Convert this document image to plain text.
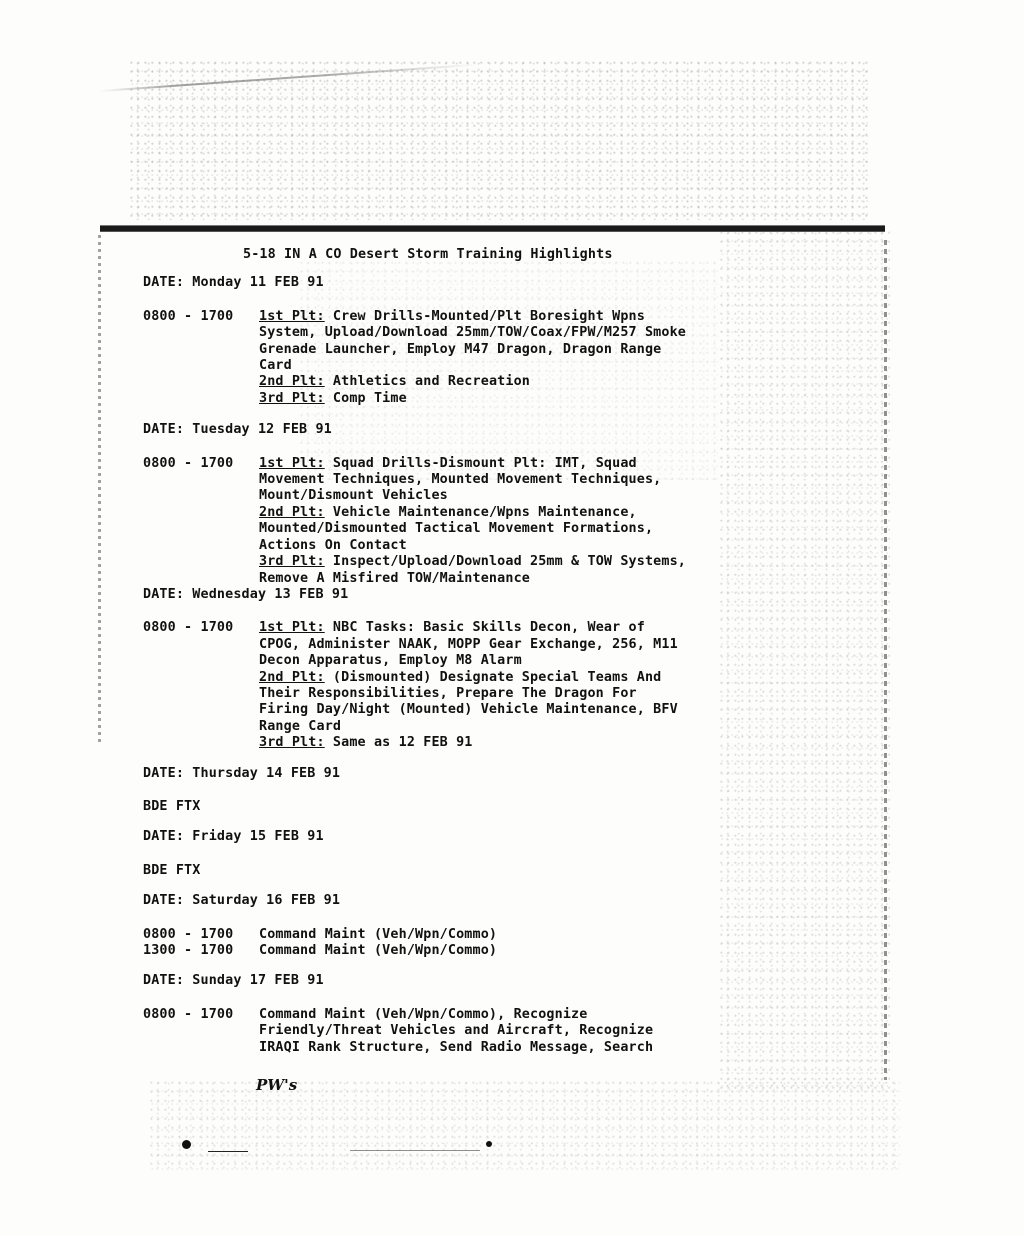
5-18 IN A CO Desert Storm Training Highlights
DATE: Monday 11 FEB 91
0800 - 1700	1st Plt: Crew Drills-Mounted/Plt Boresight Wpns
System, Upload/Download 25mm/TOW/Coax/FPW/M257 Smoke
Grenade Launcher, Employ M47 Dragon, Dragon Range
Card
2nd Plt: Athletics and Recreation
3rd Plt: Comp Time
DATE: Tuesday 12 FEB 91
0800 - 1700	1st Plt: Squad Drills-Dismount Plt: IMT, Squad
Movement Techniques, Mounted Movement Techniques,
Mount/Dismount Vehicles
2nd Plt: Vehicle Maintenance/Wpns Maintenance,
Mounted/Dismounted Tactical Movement Formations,
Actions On Contact
3rd Plt: Inspect/Upload/Download 25mm & TOW Systems,
Remove A Misfired TOW/Maintenance
DATE: Wednesday 13 FEB 91
0800 - 1700	1st Plt: NBC Tasks: Basic Skills Decon, Wear of
CPOG, Administer NAAK, MOPP Gear Exchange, 256, M11
Decon Apparatus, Employ M8 Alarm
2nd Plt: (Dismounted) Designate Special Teams And
Their Responsibilities, Prepare The Dragon For
Firing Day/Night (Mounted) Vehicle Maintenance, BFV
Range Card
3rd Plt: Same as 12 FEB 91
DATE: Thursday 14 FEB 91
BDE FTX
DATE: Friday 15 FEB 91
BDE FTX
DATE: Saturday 16 FEB 91
0800 - 1700	Command Maint (Veh/Wpn/Commo)
1300 - 1700	Command Maint (Veh/Wpn/Commo)
DATE: Sunday 17 FEB 91
0800 - 1700	Command Maint (Veh/Wpn/Commo), Recognize
Friendly/Threat Vehicles and Aircraft, Recognize
IRAQI Rank Structure, Send Radio Message, Search
PW's
